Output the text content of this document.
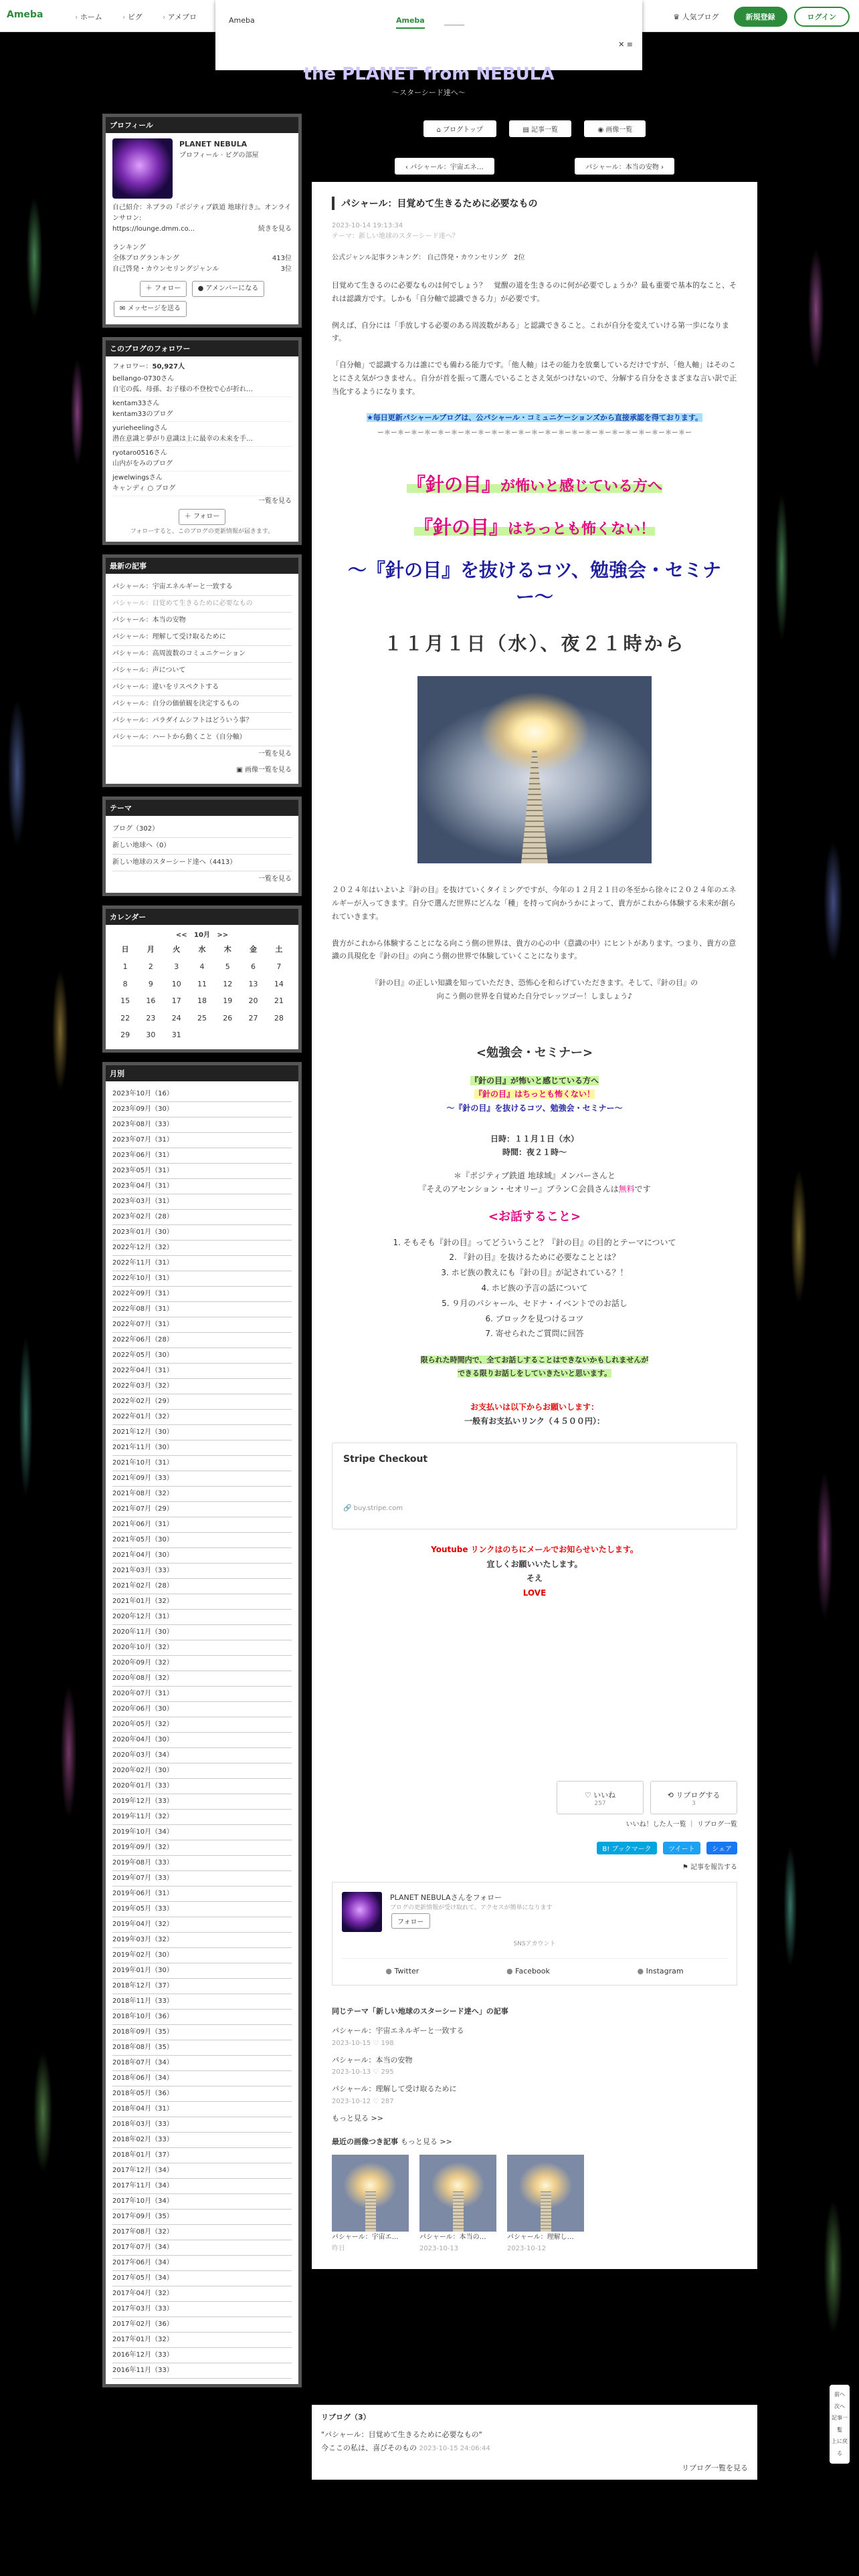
Ameba	› ホーム	› ピグ	› アメブロ	♛ 人気ブログ	新規登録	ログイン
Ameba	Ameba
✕ ≡
the PLANET from NEBULA
〜スターシード達へ〜
⌂ ブログトップ	▤ 記事一覧	◉ 画像一覧
‹ パシャール：宇宙エネ…	パシャール：本当の安物 ›
プロフィール
PLANET NEBULA
プロフィール · ピグの部屋
自己紹介：ネブラの『ポジティブ鉄道 地球行き』。オンラインサロン:
https://lounge.dmm.co...	続きを見る
ランキング
全体ブログランキング	413位
自己啓発・カウンセリングジャンル	3位
＋ フォロー	● アメンバーになる
✉ メッセージを送る
このブログのフォロワー
フォロワー：50,927人
bellango-0730さん
自宅の孤、母孫、お子様の不登校で心が折れ…
kentam33さん
kentam33のブログ
yurieheelingさん
潜在意識と夢がり意識は上に最幸の未来を手…
ryotaro0516さん
山内がをみのブログ
jewelwingsさん
キャンディ ○ ブログ
一覧を見る
＋ フォロー
フォローすると、このブログの更新情報が届きます。
最新の記事
パシャール：宇宙エネルギーと一致する
パシャール：目覚めて生きるために必要なもの
パシャール：本当の安物
パシャール：理解して受け取るために
パシャール：高周波数のコミュニケーション
パシャール：声について
パシャール：違いをリスペクトする
パシャール：自分の価値観を決定するもの
パシャール：パラダイムシフトはどういう事？
パシャール：ハートから動くこと（自分軸）
一覧を見る
▣ 画像一覧を見る
テーマ
ブログ（302）
新しい地球へ（0）
新しい地球のスターシード達へ（4413）
一覧を見る
カレンダー
<< 10月 >>
日	月	火	水	木	金	土
1	2	3	4	5	6	7
8	9	10	11	12	13	14
15	16	17	18	19	20	21
22	23	24	25	26	27	28
29	30	31				
月別
2023年10月（16）
2023年09月（30）
2023年08月（33）
2023年07月（31）
2023年06月（31）
2023年05月（31）
2023年04月（31）
2023年03月（31）
2023年02月（28）
2023年01月（30）
2022年12月（32）
2022年11月（31）
2022年10月（31）
2022年09月（31）
2022年08月（31）
2022年07月（31）
2022年06月（28）
2022年05月（30）
2022年04月（31）
2022年03月（32）
2022年02月（29）
2022年01月（32）
2021年12月（30）
2021年11月（30）
2021年10月（31）
2021年09月（33）
2021年08月（32）
2021年07月（29）
2021年06月（31）
2021年05月（30）
2021年04月（30）
2021年03月（33）
2021年02月（28）
2021年01月（32）
2020年12月（31）
2020年11月（30）
2020年10月（32）
2020年09月（32）
2020年08月（32）
2020年07月（31）
2020年06月（30）
2020年05月（32）
2020年04月（30）
2020年03月（34）
2020年02月（30）
2020年01月（33）
2019年12月（33）
2019年11月（32）
2019年10月（34）
2019年09月（32）
2019年08月（33）
2019年07月（33）
2019年06月（31）
2019年05月（33）
2019年04月（32）
2019年03月（32）
2019年02月（30）
2019年01月（30）
2018年12月（37）
2018年11月（33）
2018年10月（36）
2018年09月（35）
2018年08月（35）
2018年07月（34）
2018年06月（34）
2018年05月（36）
2018年04月（31）
2018年03月（33）
2018年02月（33）
2018年01月（37）
2017年12月（34）
2017年11月（34）
2017年10月（34）
2017年09月（35）
2017年08月（32）
2017年07月（34）
2017年06月（34）
2017年05月（34）
2017年04月（32）
2017年03月（33）
2017年02月（36）
2017年01月（32）
2016年12月（33）
2016年11月（33）
パシャール：目覚めて生きるために必要なもの
2023-10-14 19:13:34
テーマ：新しい地球のスターシード達へ？
公式ジャンル記事ランキング： 自己啓発・カウンセリング　2位

目覚めて生きるのに必要なものは何でしょう？　覚醒の道を生きるのに何が必要でしょうか？最も重要で基本的なこと、それは認識方です。しかも「自分軸で認識できる力」が必要です。

例えば、自分には「手放しする必要のある周波数がある」と認識できること。これが自分を変えていける第一歩になります。

「自分軸」で認識する力は誰にでも備わる能力です。「他人軸」はその能力を放棄しているだけですが、「他人軸」はそのことにさえ気がつきません。自分が首を振って選んでいることさえ気がつけないので、分解する自分をさまざまな言い訳で正当化するようになります。

★毎日更新パシャールブログは、公パシャール・コミュニケーションズから直接承認を得ております。
ー＊ー＊ー＊ー＊ー＊ー＊ー＊ー＊ー＊ー＊ー＊ー＊ー＊ー＊ー＊ー＊ー＊ー＊ー＊ー＊ー＊ー＊ー＊ー
『針の目』が怖いと感じている方へ
『針の目』はちっとも怖くない！
〜『針の目』を抜けるコツ、勉強会・セミナー〜
１１月１日（水）、夜２１時から

２０２４年はいよいよ『針の目』を抜けていくタイミングですが、今年の１２月２１日の冬至から徐々に２０２４年のエネルギーが入ってきます。自分で選んだ世界にどんな「種」を持って向かうかによって、貴方がこれから体験する未来が創られていきます。

貴方がこれから体験することになる向こう側の世界は、貴方の心の中（意識の中）にヒントがあります。つまり、貴方の意識の具現化を『針の目』の向こう側の世界で体験していくことになります。

『針の目』の正しい知識を知っていただき、恐怖心を和らげていただきます。そして、『針の目』の
向こう側の世界を自覚めた自分でレッツゴー！しましょう♪

<勉強会・セミナー>
『針の目』が怖いと感じている方へ
『針の目』はちっとも怖くない！
〜『針の目』を抜けるコツ、勉強会・セミナー〜
日時：１１月１日（水）
時間：夜２１時〜
＊『ポジティブ鉄道 地球域』メンバーさんと
『そえのアセンション・セオリー』ブランＣ会員さんは無料です
<お話すること>
1. そもそも『針の目』ってどういうこと？『針の目』の目的とテーマについて
2. 『針の目』を抜けるために必要なこととは？
3. ホピ族の教えにも『針の目』が記されている？！
4. ホピ族の予言の話について
5. ９月のパシャール、セドナ・イベントでのお話し
6. ブロックを見つけるコツ
7. 寄せられたご質問に回答
限られた時間内で、全てお話しすることはできないかもしれませんが
できる限りお話しをしていきたいと思います。
お支払いは以下からお願いします：
一般有お支払いリンク（４５００円）：
Stripe Checkout
🔗 buy.stripe.com
Youtube リンクはのちにメールでお知らせいたします。
宜しくお願いいたします。
そえ
LOVE
♡ いいね
257
⟲ リブログする
3
いいね！した人一覧 ｜ リブログ一覧
B! ブックマーク	ツイート	シェア
⚑ 記事を報告する
PLANET NEBULAさんをフォロー
ブログの更新情報が受け取れて、アクセスが簡単になります
フォロー
SNSアカウント
● Twitter	● Facebook	● Instagram
同じテーマ「新しい地球のスターシード達へ」の記事
パシャール：宇宙エネルギーと一致する
2023-10-15 ♡ 198
パシャール：本当の安物
2023-10-13 ♡ 295
パシャール：理解して受け取るために
2023-10-12 ♡ 287
もっと見る >>
最近の画像つき記事 もっと見る >>
パシャール：宇宙エ…
昨日
パシャール：本当の…
2023-10-13
パシャール：理解し…
2023-10-12
リブログ（3）
"パシャール：目覚めて生きるために必要なもの"
今ここの私は、喜びそのもの 2023-10-15 24:06:44
リブログ一覧を見る
前へ
次へ
記事一覧
上に戻る
